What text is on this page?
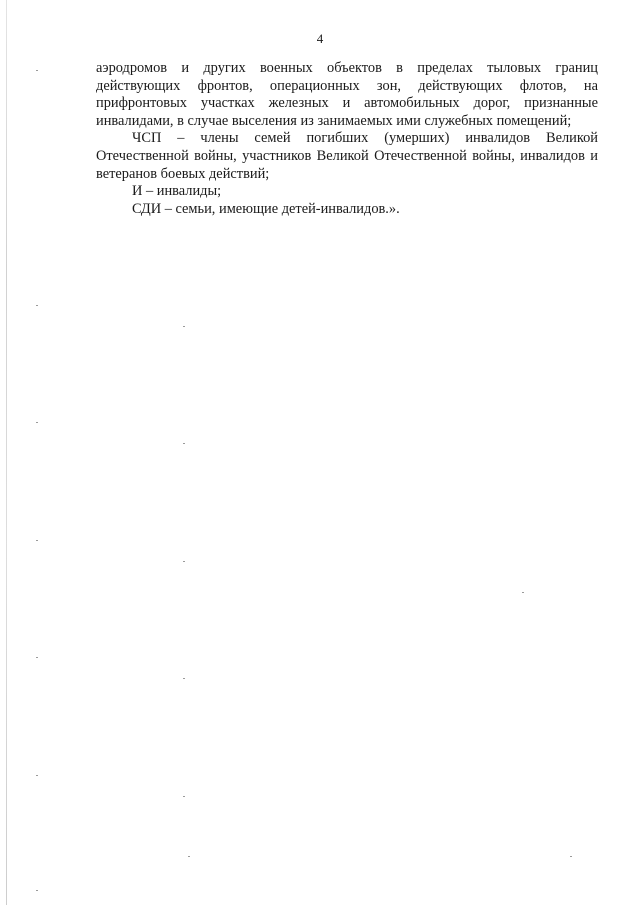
4

аэродромов и других военных объектов в пределах тыловых границ действующих фронтов, операционных зон, действующих флотов, на прифронтовых участках железных и автомобильных дорог, признанные инвалидами, в случае выселения из занимаемых ими служебных помещений;

ЧСП – члены семей погибших (умерших) инвалидов Великой Отечественной войны, участников Великой Отечественной войны, инвалидов и ветеранов боевых действий;

И – инвалиды;

СДИ – семьи, имеющие детей-инвалидов.».
